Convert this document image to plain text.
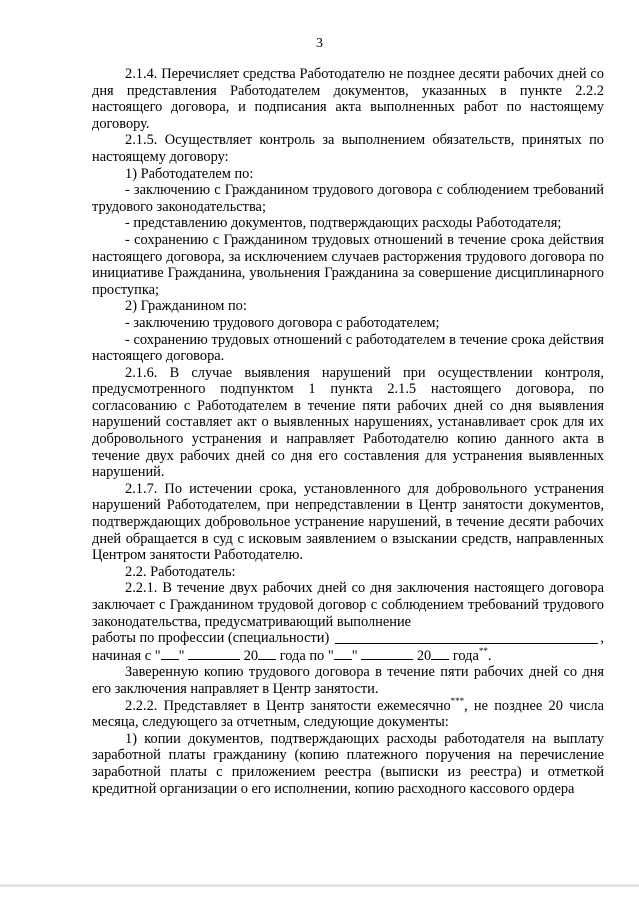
3

2.1.4. Перечисляет средства Работодателю не позднее десяти рабочих дней со дня представления Работодателем документов, указанных в пункте 2.2.2 настоящего договора, и подписания акта выполненных работ по настоящему договору.

2.1.5. Осуществляет контроль за выполнением обязательств, принятых по настоящему договору:

1) Работодателем по:

- заключению с Гражданином трудового договора с соблюдением требований трудового законодательства;

- представлению документов, подтверждающих расходы Работодателя;

- сохранению с Гражданином трудовых отношений в течение срока действия настоящего договора, за исключением случаев расторжения трудового договора по инициативе Гражданина, увольнения Гражданина за совершение дисциплинарного проступка;

2) Гражданином по:

- заключению трудового договора с работодателем;

- сохранению трудовых отношений с работодателем в течение срока действия настоящего договора.

2.1.6. В случае выявления нарушений при осуществлении контроля, предусмотренного подпунктом 1 пункта 2.1.5 настоящего договора, по согласованию с Работодателем в течение пяти рабочих дней со дня выявления нарушений составляет акт о выявленных нарушениях, устанавливает срок для их добровольного устранения и направляет Работодателю копию данного акта в течение двух рабочих дней со дня его составления для устранения выявленных нарушений.

2.1.7. По истечении срока, установленного для добровольного устранения нарушений Работодателем, при непредставлении в Центр занятости документов, подтверждающих добровольное устранение нарушений, в течение десяти рабочих дней обращается в суд с исковым заявлением о взыскании средств, направленных Центром занятости Работодателю.

2.2. Работодатель:

2.2.1. В течение двух рабочих дней со дня заключения настоящего договора заключает с Гражданином трудовой договор с соблюдением требований трудового законодательства, предусматривающий выполнение

работы по профессии (специальности)	,
начиная с " "	20 года по " "	20 года**.

Заверенную копию трудового договора в течение пяти рабочих дней со дня его заключения направляет в Центр занятости.

2.2.2. Представляет в Центр занятости ежемесячно***, не позднее 20 числа месяца, следующего за отчетным, следующие документы:

1) копии документов, подтверждающих расходы работодателя на выплату заработной платы гражданину (копию платежного поручения на перечисление заработной платы с приложением реестра (выписки из реестра) и отметкой кредитной организации о его исполнении, копию расходного кассового ордера
